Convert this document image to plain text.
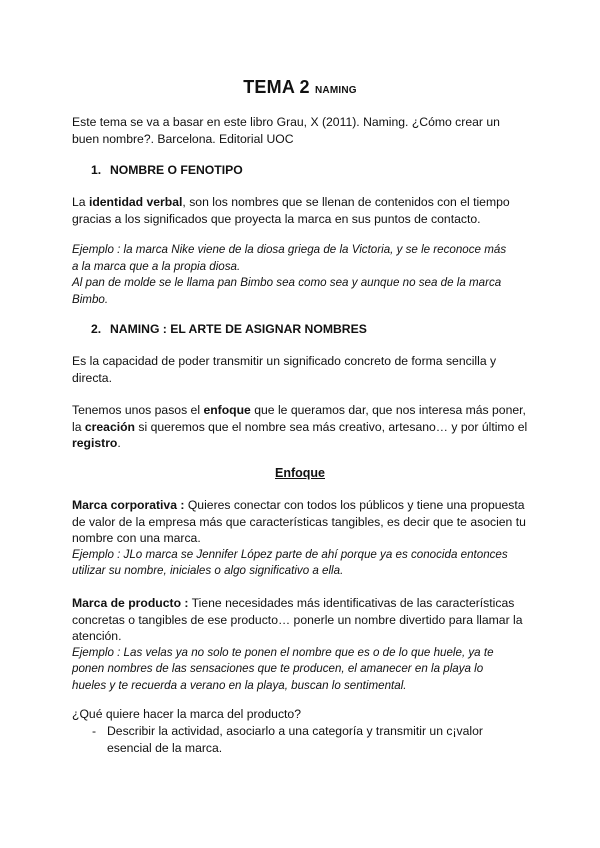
TEMA 2 NAMING
Este tema se va a basar en este libro Grau, X (2011). Naming. ¿Cómo crear un
buen nombre?. Barcelona. Editorial UOC
1. NOMBRE O FENOTIPO
La identidad verbal, son los nombres que se llenan de contenidos con el tiempo
gracias a los significados que proyecta la marca en sus puntos de contacto.
Ejemplo : la marca Nike viene de la diosa griega de la Victoria, y se le reconoce más
a la marca que a la propia diosa.
Al pan de molde se le llama pan Bimbo sea como sea y aunque no sea de la marca
Bimbo.
2. NAMING : EL ARTE DE ASIGNAR NOMBRES
Es la capacidad de poder transmitir un significado concreto de forma sencilla y
directa.
Tenemos unos pasos el enfoque que le queramos dar, que nos interesa más poner,
la creación si queremos que el nombre sea más creativo, artesano… y por último el
registro.
Enfoque
Marca corporativa : Quieres conectar con todos los públicos y tiene una propuesta
de valor de la empresa más que características tangibles, es decir que te asocien tu
nombre con una marca.
Ejemplo : JLo marca se Jennifer López parte de ahí porque ya es conocida entonces
utilizar su nombre, iniciales o algo significativo a ella.
Marca de producto : Tiene necesidades más identificativas de las características
concretas o tangibles de ese producto… ponerle un nombre divertido para llamar la
atención.
Ejemplo : Las velas ya no solo te ponen el nombre que es o de lo que huele, ya te
ponen nombres de las sensaciones que te producen, el amanecer en la playa lo
hueles y te recuerda a verano en la playa, buscan lo sentimental.
¿Qué quiere hacer la marca del producto?
- Describir la actividad, asociarlo a una categoría y transmitir un c¡valor
esencial de la marca.
